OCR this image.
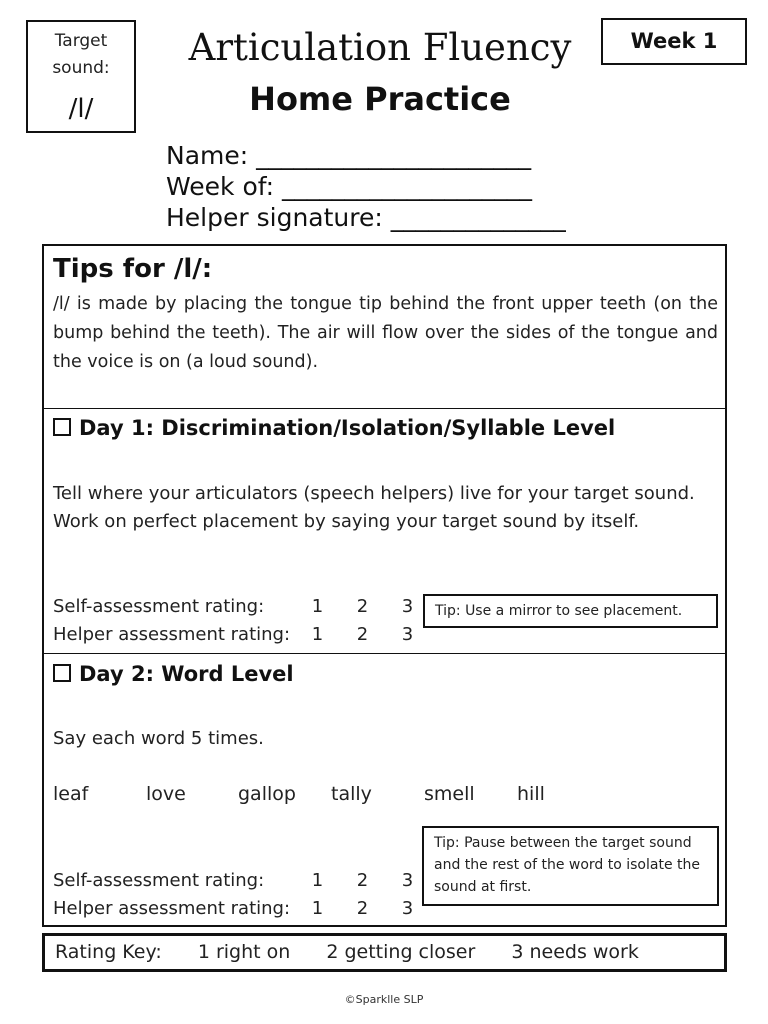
Target
sound:
/l/
Articulation Fluency
Home Practice
Week 1
Name: ______________________
Week of: ____________________
Helper signature: ______________
Tips for /l/:
/l/ is made by placing the tongue tip behind the front upper teeth (on the bump behind the teeth). The air will flow over the sides of the tongue and the voice is on (a loud sound).
Day 1: Discrimination/Isolation/Syllable Level
Tell where your articulators (speech helpers) live for your target sound.
Work on perfect placement by saying your target sound by itself.
Self-assessment rating:	1 2 3
Helper assessment rating: 1 2 3
Tip: Use a mirror to see placement.
Day 2: Word Level
Say each word 5 times.
leaf	love	gallop tally	smell hill
Self-assessment rating:	1 2 3
Helper assessment rating: 1 2 3
Tip: Pause between the target sound and the rest of the word to isolate the sound at first.
Rating Key: 1 right on 2 getting closer 3 needs work
©Sparklle SLP
